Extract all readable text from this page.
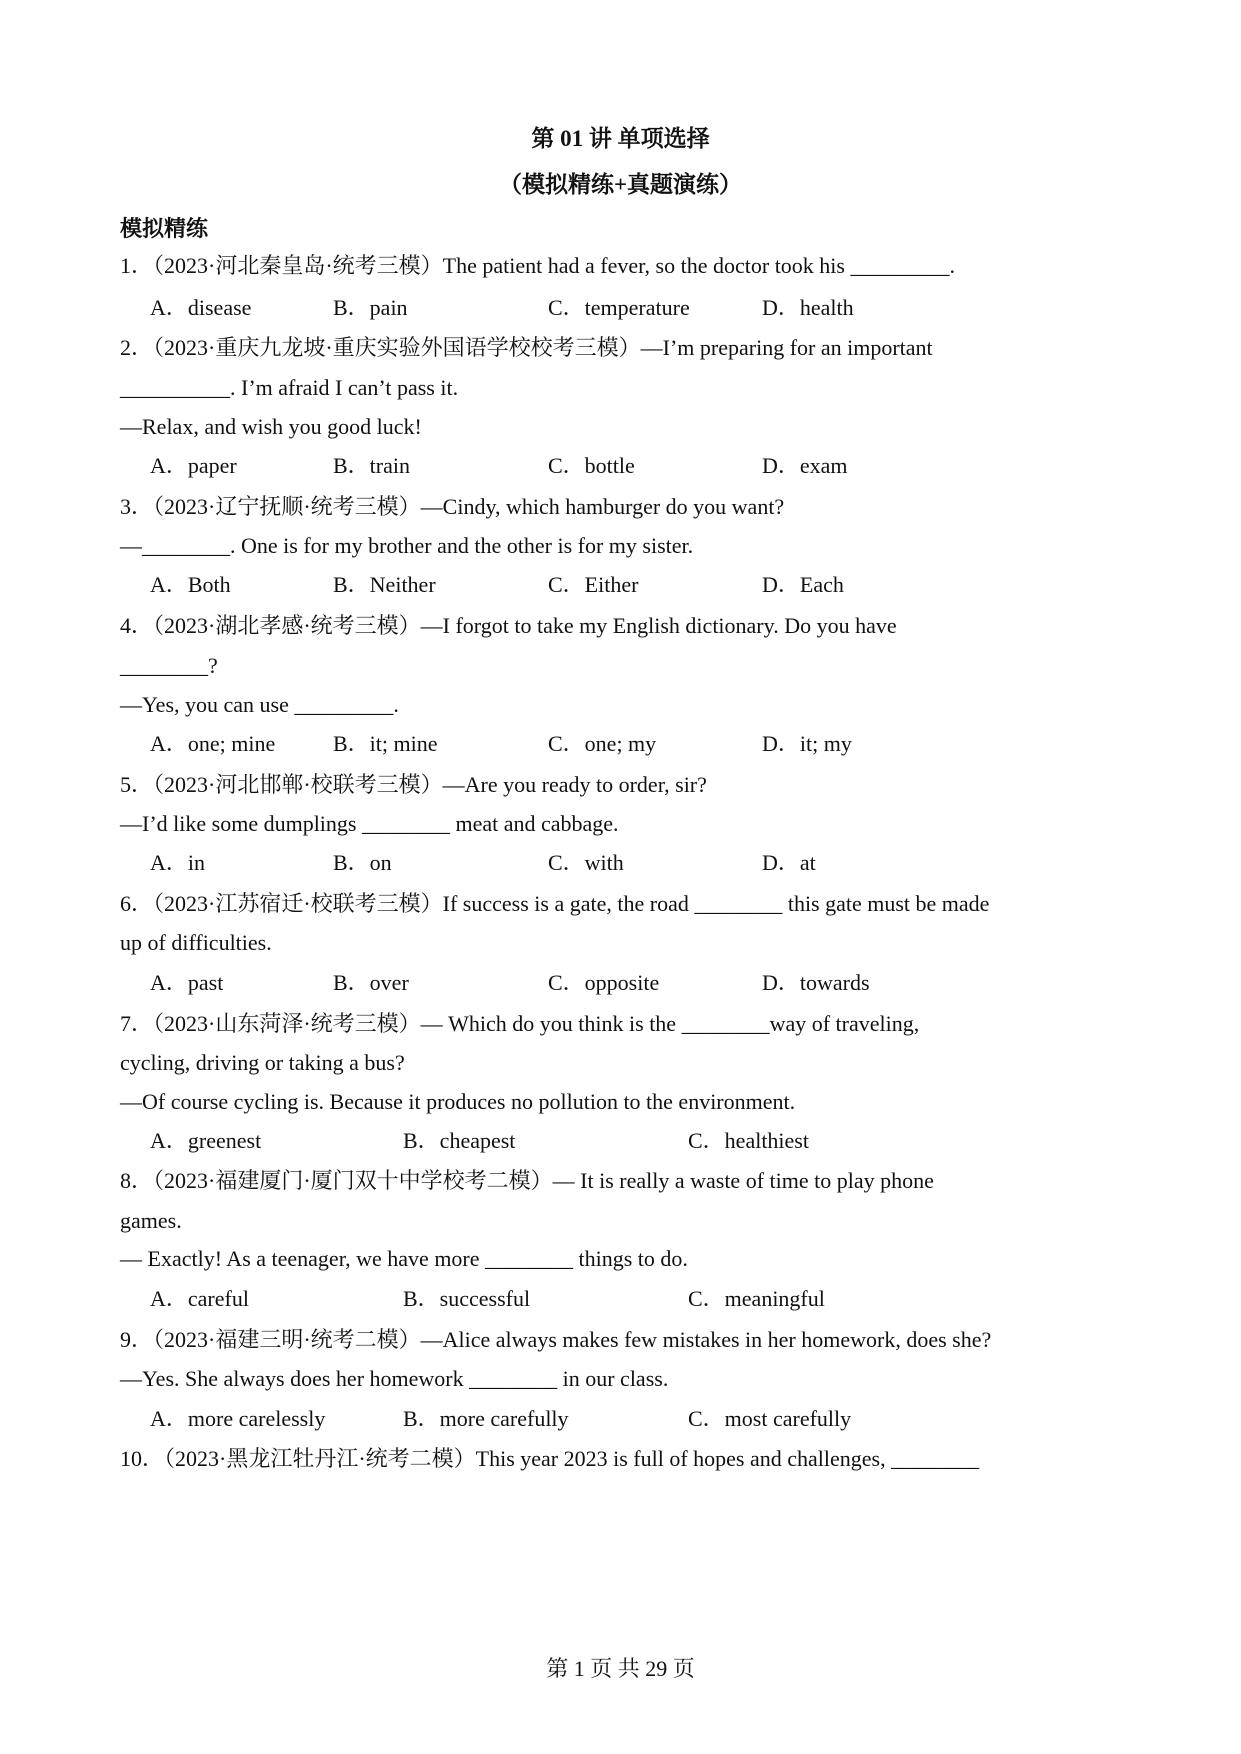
第 01 讲 单项选择
（模拟精练+真题演练）
模拟精练
1．（2023·河北秦皇岛·统考三模）The patient had a fever, so the doctor took his _________.
A．disease	B．pain	C．temperature	D．health
2．（2023·重庆九龙坡·重庆实验外国语学校校考三模）—I’m preparing for an important
__________. I’m afraid I can’t pass it.
—Relax, and wish you good luck!
A．paper	B．train	C．bottle	D．exam
3．（2023·辽宁抚顺·统考三模）—Cindy, which hamburger do you want?
—________. One is for my brother and the other is for my sister.
A．Both	B．Neither	C．Either	D．Each
4．（2023·湖北孝感·统考三模）—I forgot to take my English dictionary. Do you have
________?
—Yes, you can use _________.
A．one; mine	B．it; mine	C．one; my	D．it; my
5．（2023·河北邯郸·校联考三模）—Are you ready to order, sir?
—I’d like some dumplings ________ meat and cabbage.
A．in	B．on	C．with	D．at
6．（2023·江苏宿迁·校联考三模）If success is a gate, the road ________ this gate must be made
up of difficulties.
A．past	B．over	C．opposite	D．towards
7．（2023·山东菏泽·统考三模）— Which do you think is the ________way of traveling,
cycling, driving or taking a bus?
—Of course cycling is. Because it produces no pollution to the environment.
A．greenest	B．cheapest	C．healthiest
8．（2023·福建厦门·厦门双十中学校考二模）— It is really a waste of time to play phone
games.
— Exactly! As a teenager, we have more ________ things to do.
A．careful	B．successful	C．meaningful
9．（2023·福建三明·统考二模）—Alice always makes few mistakes in her homework, does she?
—Yes. She always does her homework ________ in our class.
A．more carelessly	B．more carefully	C．most carefully
10．（2023·黑龙江牡丹江·统考二模）This year 2023 is full of hopes and challenges, ________
第 1 页 共 29 页
